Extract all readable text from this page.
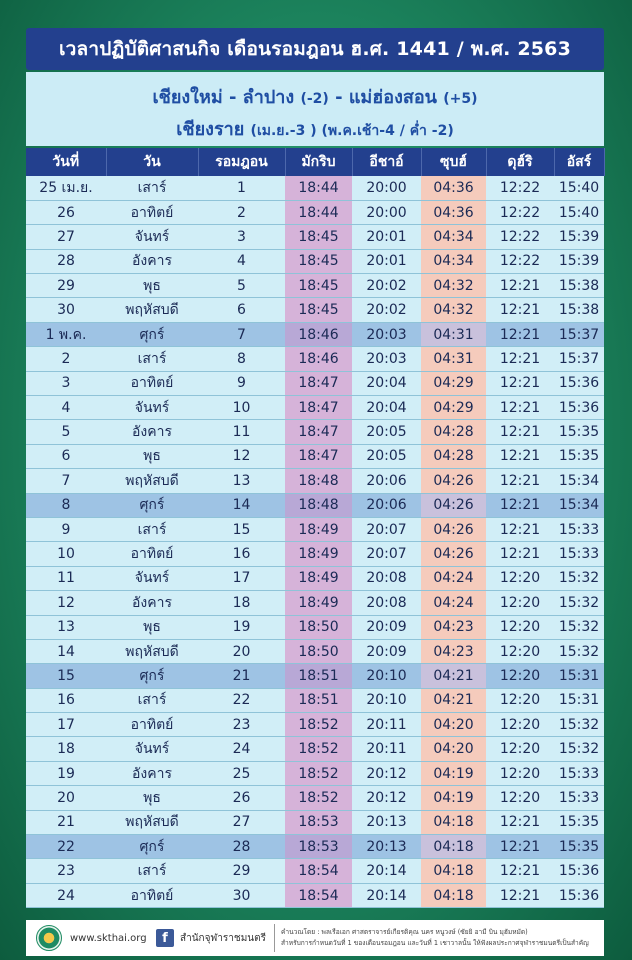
เวลาปฏิบัติศาสนกิจ เดือนรอมฎอน ฮ.ศ. 1441 / พ.ศ. 2563
เชียงใหม่ - ลำปาง (-2) - แม่ฮ่องสอน (+5)
เชียงราย (เม.ย.-3 ) (พ.ค.เช้า-4 / ค่ำ -2)
วันที่	วัน	รอมฎอน	มักริบ	อีชาอ์	ซุบฮ์	ดุฮ์ริ	อัสร์
25 เม.ย.	เสาร์	1	18:44	20:00	04:36	12:22	15:40
26	อาทิตย์	2	18:44	20:00	04:36	12:22	15:40
27	จันทร์	3	18:45	20:01	04:34	12:22	15:39
28	อังคาร	4	18:45	20:01	04:34	12:22	15:39
29	พุธ	5	18:45	20:02	04:32	12:21	15:38
30	พฤหัสบดี	6	18:45	20:02	04:32	12:21	15:38
1 พ.ค.	ศุกร์	7	18:46	20:03	04:31	12:21	15:37
2	เสาร์	8	18:46	20:03	04:31	12:21	15:37
3	อาทิตย์	9	18:47	20:04	04:29	12:21	15:36
4	จันทร์	10	18:47	20:04	04:29	12:21	15:36
5	อังคาร	11	18:47	20:05	04:28	12:21	15:35
6	พุธ	12	18:47	20:05	04:28	12:21	15:35
7	พฤหัสบดี	13	18:48	20:06	04:26	12:21	15:34
8	ศุกร์	14	18:48	20:06	04:26	12:21	15:34
9	เสาร์	15	18:49	20:07	04:26	12:21	15:33
10	อาทิตย์	16	18:49	20:07	04:26	12:21	15:33
11	จันทร์	17	18:49	20:08	04:24	12:20	15:32
12	อังคาร	18	18:49	20:08	04:24	12:20	15:32
13	พุธ	19	18:50	20:09	04:23	12:20	15:32
14	พฤหัสบดี	20	18:50	20:09	04:23	12:20	15:32
15	ศุกร์	21	18:51	20:10	04:21	12:20	15:31
16	เสาร์	22	18:51	20:10	04:21	12:20	15:31
17	อาทิตย์	23	18:52	20:11	04:20	12:20	15:32
18	จันทร์	24	18:52	20:11	04:20	12:20	15:32
19	อังคาร	25	18:52	20:12	04:19	12:20	15:33
20	พุธ	26	18:52	20:12	04:19	12:20	15:33
21	พฤหัสบดี	27	18:53	20:13	04:18	12:21	15:35
22	ศุกร์	28	18:53	20:13	04:18	12:21	15:35
23	เสาร์	29	18:54	20:14	04:18	12:21	15:36
24	อาทิตย์	30	18:54	20:14	04:18	12:21	15:36
www.skthai.org	f	สำนักจุฬาราชมนตรี
คำนวณโดย : พลเรือเอก ศาสตราจารย์เกียรติคุณ นคร หนูวงษ์ (ซัยยิ อามี บิน มุฮัมหมัด)
สำหรับการกำหนดวันที่ 1 ของเดือนรอมฎอน และวันที่ 1 เชาวาลนั้น ให้ฟังผลประกาศจุฬาราชมนตรีเป็นสำคัญ
